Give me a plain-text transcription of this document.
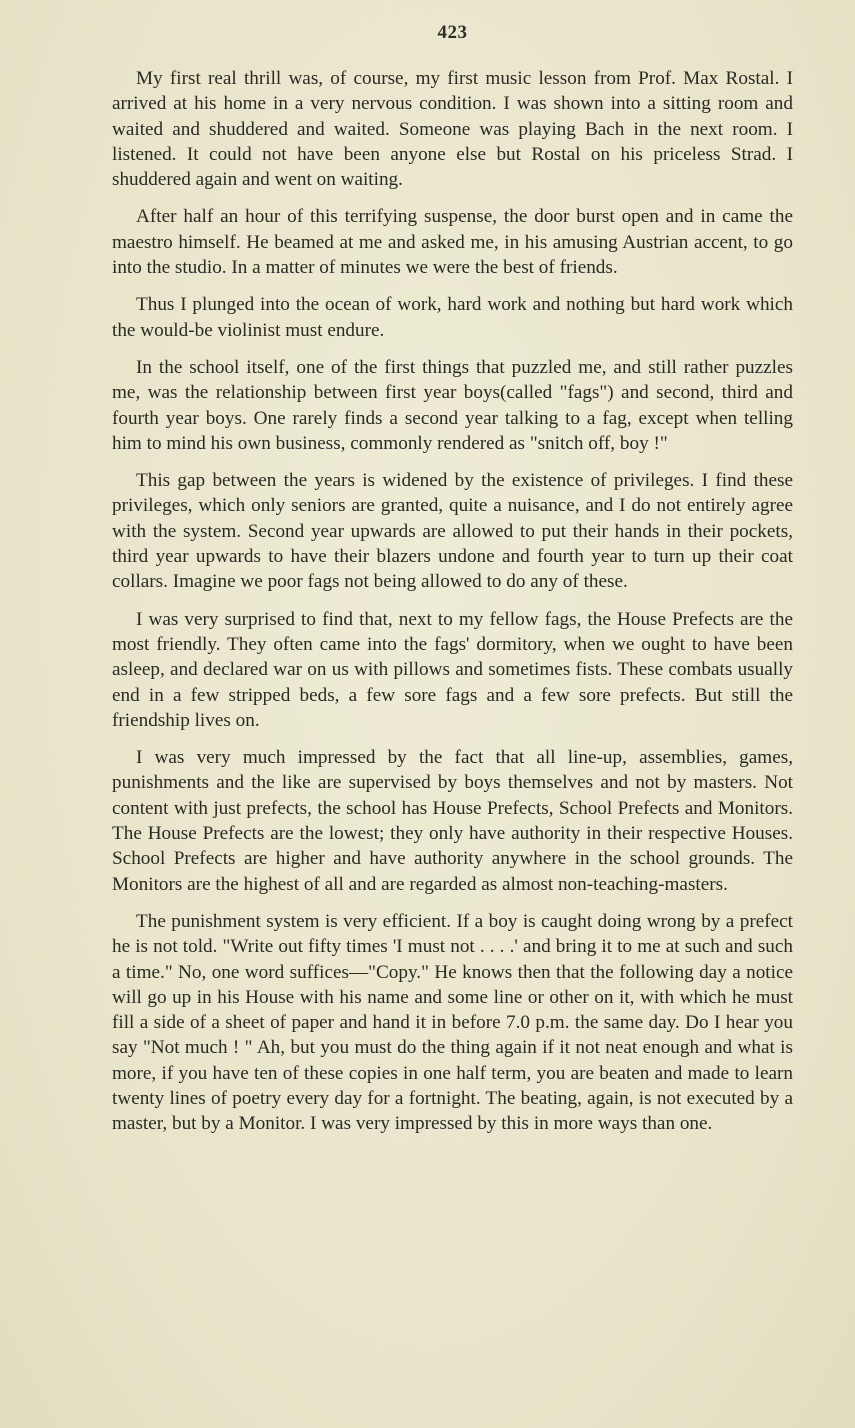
423

My first real thrill was, of course, my first music lesson from Prof. Max Rostal. I arrived at his home in a very nervous condition. I was shown into a sitting room and waited and shuddered and waited. Someone was playing Bach in the next room. I listened. It could not have been anyone else but Rostal on his priceless Strad. I shuddered again and went on waiting.

After half an hour of this terrifying suspense, the door burst open and in came the maestro himself. He beamed at me and asked me, in his amusing Austrian accent, to go into the studio. In a matter of minutes we were the best of friends.

Thus I plunged into the ocean of work, hard work and nothing but hard work which the would-be violinist must endure.

In the school itself, one of the first things that puzzled me, and still rather puzzles me, was the relationship between first year boys(called "fags") and second, third and fourth year boys. One rarely finds a second year talking to a fag, except when telling him to mind his own business, commonly rendered as "snitch off, boy !"

This gap between the years is widened by the existence of privileges. I find these privileges, which only seniors are granted, quite a nuisance, and I do not entirely agree with the system. Second year upwards are allowed to put their hands in their pockets, third year upwards to have their blazers undone and fourth year to turn up their coat collars. Imagine we poor fags not being allowed to do any of these.

I was very surprised to find that, next to my fellow fags, the House Prefects are the most friendly. They often came into the fags' dormitory, when we ought to have been asleep, and declared war on us with pillows and sometimes fists. These combats usually end in a few stripped beds, a few sore fags and a few sore prefects. But still the friendship lives on.

I was very much impressed by the fact that all line-up, assemblies, games, punishments and the like are supervised by boys themselves and not by masters. Not content with just prefects, the school has House Prefects, School Prefects and Monitors. The House Prefects are the lowest; they only have authority in their respective Houses. School Prefects are higher and have authority anywhere in the school grounds. The Monitors are the highest of all and are regarded as almost non-teaching-masters.

The punishment system is very efficient. If a boy is caught doing wrong by a prefect he is not told. "Write out fifty times 'I must not . . . .' and bring it to me at such and such a time." No, one word suffices—"Copy." He knows then that the following day a notice will go up in his House with his name and some line or other on it, with which he must fill a side of a sheet of paper and hand it in before 7.0 p.m. the same day. Do I hear you say "Not much ! " Ah, but you must do the thing again if it not neat enough and what is more, if you have ten of these copies in one half term, you are beaten and made to learn twenty lines of poetry every day for a fortnight. The beating, again, is not executed by a master, but by a Monitor. I was very impressed by this in more ways than one.
